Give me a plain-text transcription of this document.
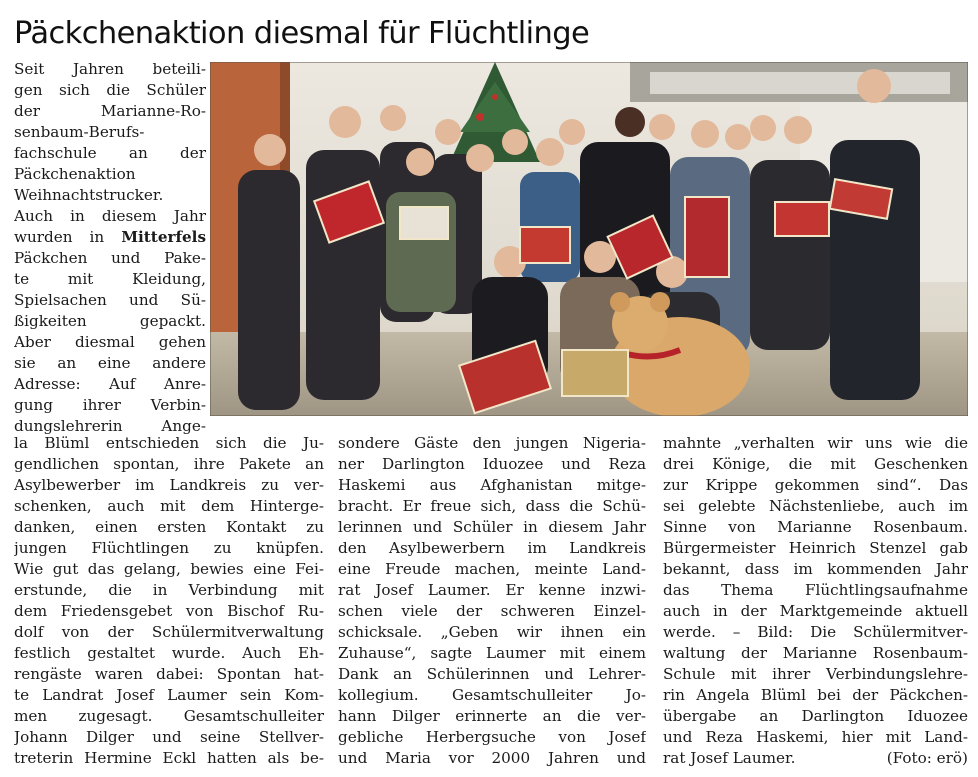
Päckchenaktion diesmal für Flüchtlinge
Seit Jahren beteili-
gen sich die Schüler
der Marianne-Ro-
senbaum-Berufs-
fachschule an der
Päckchenaktion
Weihnachtstrucker.
Auch in diesem Jahr
wurden in Mitterfels
Päckchen und Pake-
te mit Kleidung,
Spielsachen und Sü-
ßigkeiten gepackt.
Aber diesmal gehen
sie an eine andere
Adresse: Auf Anre-
gung ihrer Verbin-
dungslehrerin Ange-
la Blüml entschieden sich die Ju-
gendlichen spontan, ihre Pakete an
Asylbewerber im Landkreis zu ver-
schenken, auch mit dem Hintergе-
danken, einen ersten Kontakt zu
jungen Flüchtlingen zu knüpfen.
Wie gut das gelang, bewies eine Fei-
erstunde, die in Verbindung mit
dem Friedensgebet von Bischof Ru-
dolf von der Schülermitverwaltung
festlich gestaltet wurde. Auch Eh-
rengäste waren dabei: Spontan hat-
te Landrat Josef Laumer sein Kom-
men zugesagt. Gesamtschulleiter
Johann Dilger und seine Stellver-
treterin Hermine Eckl hatten als be-
sondere Gäste den jungen Nigeria-
ner Darlington Iduozee und Reza
Haskemi aus Afghanistan mitge-
bracht. Er freue sich, dass die Schü-
lerinnen und Schüler in diesem Jahr
den Asylbewerbern im Landkreis
eine Freude machen, meinte Land-
rat Josef Laumer. Er kenne inzwi-
schen viele der schweren Einzel-
schicksale. „Geben wir ihnen ein
Zuhause“, sagte Laumer mit einem
Dank an Schülerinnen und Lehrer-
kollegium. Gesamtschulleiter Jo-
hann Dilger erinnerte an die ver-
gebliche Herbergsuche von Josef
und Maria vor 2000 Jahren und
mahnte „verhalten wir uns wie die
drei Könige, die mit Geschenken
zur Krippe gekommen sind“. Das
sei gelebte Nächstenliebe, auch im
Sinne von Marianne Rosenbaum.
Bürgermeister Heinrich Stenzel gab
bekannt, dass im kommenden Jahr
das Thema Flüchtlingsaufnahme
auch in der Marktgemeinde aktuell
werde. – Bild: Die Schülermitver-
waltung der Marianne Rosenbaum-
Schule mit ihrer Verbindungslehre-
rin Angela Blüml bei der Päckchen-
übergabe an Darlington Iduozee
und Reza Haskemi, hier mit Land-
rat Josef Laumer.	(Foto: erö)
